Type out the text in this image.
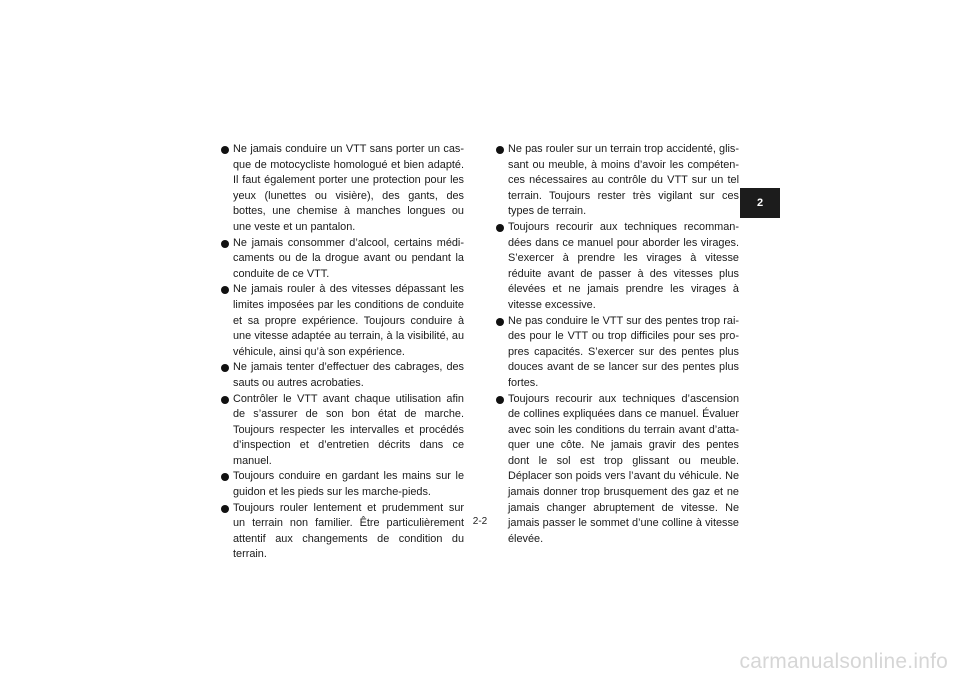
Ne jamais conduire un VTT sans porter un casque de motocycliste homologué et bien adapté. Il faut également porter une protection pour les yeux (lunettes ou visière), des gants, des bottes, une chemise à manches longues ou une veste et un pantalon.
Ne jamais consommer d’alcool, certains médicaments ou de la drogue avant ou pendant la conduite de ce VTT.
Ne jamais rouler à des vitesses dépassant les limites imposées par les conditions de conduite et sa propre expérience. Toujours conduire à une vitesse adaptée au terrain, à la visibilité, au véhicule, ainsi qu’à son expérience.
Ne jamais tenter d’effectuer des cabrages, des sauts ou autres acrobaties.
Contrôler le VTT avant chaque utilisation afin de s’assurer de son bon état de marche. Toujours respecter les intervalles et procédés d’inspection et d’entretien décrits dans ce manuel.
Toujours conduire en gardant les mains sur le guidon et les pieds sur les marche-pieds.
Toujours rouler lentement et prudemment sur un terrain non familier. Être particulièrement attentif aux changements de condition du terrain.
Ne pas rouler sur un terrain trop accidenté, glissant ou meuble, à moins d’avoir les compétences nécessaires au contrôle du VTT sur un tel terrain. Toujours rester très vigilant sur ces types de terrain.
Toujours recourir aux techniques recommandées dans ce manuel pour aborder les virages. S’exercer à prendre les virages à vitesse réduite avant de passer à des vitesses plus élevées et ne jamais prendre les virages à vitesse excessive.
Ne pas conduire le VTT sur des pentes trop raides pour le VTT ou trop difficiles pour ses propres capacités. S’exercer sur des pentes plus douces avant de se lancer sur des pentes plus fortes.
Toujours recourir aux techniques d’ascension de collines expliquées dans ce manuel. Évaluer avec soin les conditions du terrain avant d’attaquer une côte. Ne jamais gravir des pentes dont le sol est trop glissant ou meuble. Déplacer son poids vers l’avant du véhicule. Ne jamais donner trop brusquement des gaz et ne jamais changer abruptement de vitesse. Ne jamais passer le sommet d’une colline à vitesse élevée.
2
2-2
carmanualsonline.info
